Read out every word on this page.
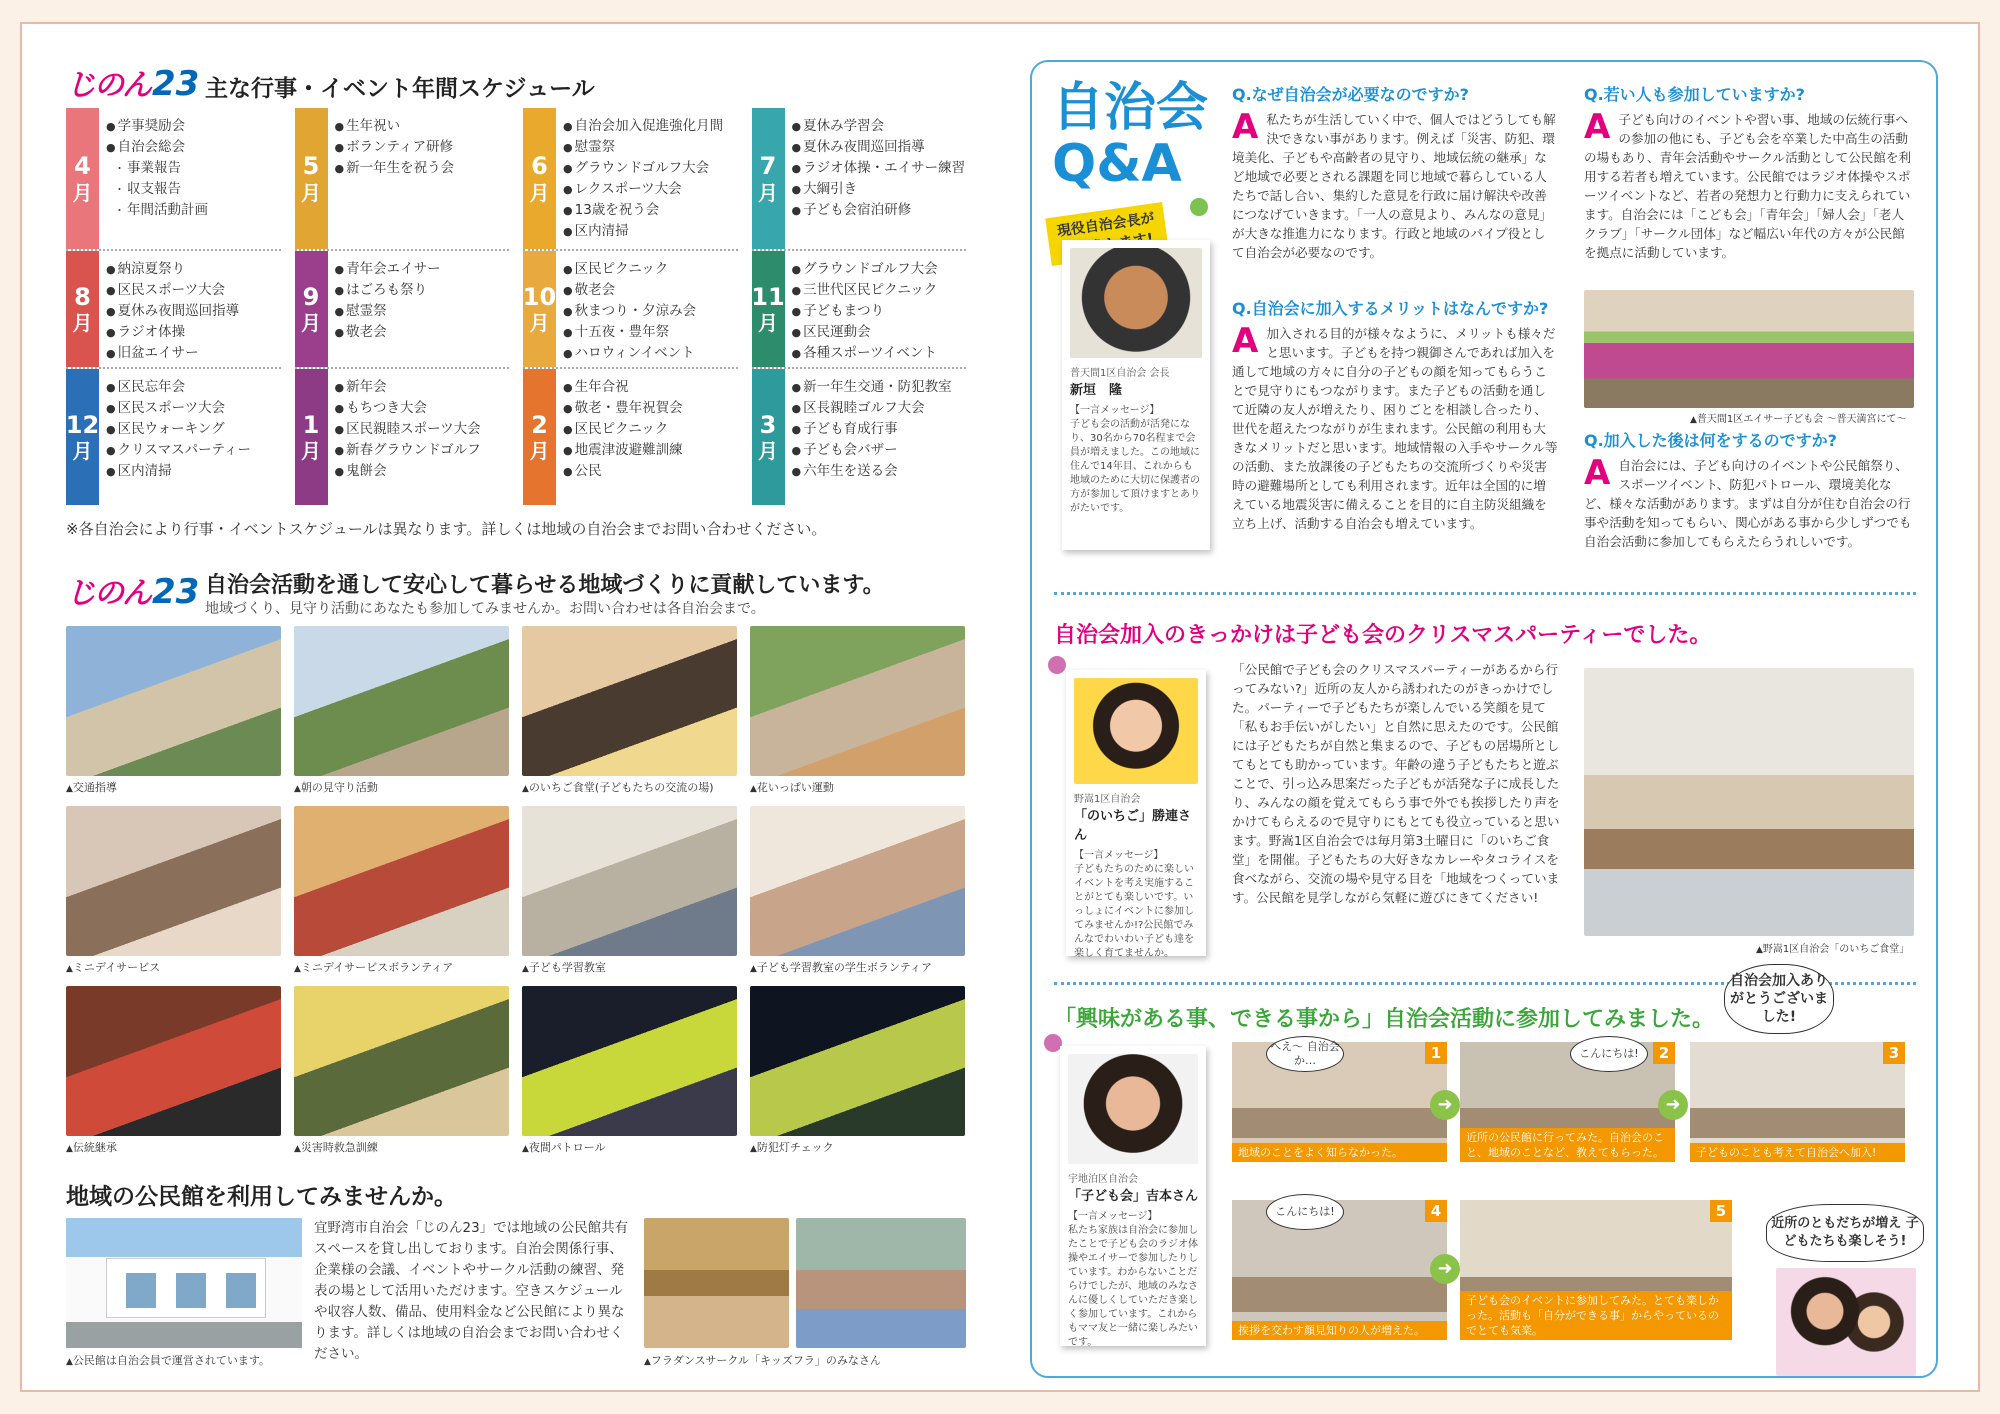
じのん 23 主な行事・イベント年間スケジュール
4
月
● 学事奨励会
● 自治会総会
・ 事業報告
・ 収支報告
・ 年間活動計画
5
月
● 生年祝い
● ボランティア研修
● 新一年生を祝う会	6
月
● 自治会加入促進強化月間
● 慰霊祭
● グラウンドゴルフ大会
● レクスポーツ大会
● 13歳を祝う会
● 区内清掃
7
月
● 夏休み学習会
● 夏休み夜間巡回指導
● ラジオ体操・エイサー練習
● 大綱引き
● 子ども会宿泊研修
8
月
● 納涼夏祭り
● 区民スポーツ大会
● 夏休み夜間巡回指導
● ラジオ体操
● 旧盆エイサー
9
月
● 青年会エイサー
● はごろも祭り
● 慰霊祭
● 敬老会
10
月
● 区民ピクニック
● 敬老会
● 秋まつり・夕涼み会
● 十五夜・豊年祭
● ハロウィンイベント
11
月
● グラウンドゴルフ大会
● 三世代区民ピクニック
● 子どもまつり
● 区民運動会
● 各種スポーツイベント
12
月
● 区民忘年会
● 区民スポーツ大会
● 区民ウォーキング
● クリスマスパーティー
● 区内清掃
1
月
● 新年会
● もちつき大会
● 区民親睦スポーツ大会
● 新春グラウンドゴルフ
● 鬼餅会
2
月
● 生年合祝
● 敬老・豊年祝賀会
● 区民ピクニック
● 地震津波避難訓練
● 公民
3
月
● 新一年生交通・防犯教室
● 区長親睦ゴルフ大会
● 子ども育成行事
● 子ども会バザー
● 六年生を送る会
※各自治会により行事・イベントスケジュールは異なります。詳しくは地域の自治会までお問い合わせください。
じのん 23 自治会活動を通して安心して暮らせる地域づくりに貢献しています。
地域づくり、見守り活動にあなたも参加してみませんか。お問い合わせは各自治会まで。
▲ 交通指導	▲ 朝の見守り活動	▲ のいちご食堂(子どもたちの交流の場)	▲ 花いっぱい運動
▲ ミニデイサービス	▲ ミニデイサービスボランティア	▲ 子ども学習教室	▲ 子ども学習教室の学生ボランティア
▲ 伝統継承	▲ 災害時救急訓練	▲ 夜間パトロール	▲ 防犯灯チェック
地域の公民館を利用してみませんか。
▲ 公民館は自治会員で運営されています。
宜野湾市自治会「じのん23」では地域の公民館共有スペースを貸し出しております。自治会関係行事、企業様の会議、イベントやサークル活動の練習、発表の場として活用いただけます。空きスケジュールや収容人数、備品、使用料金など公民館により異なります。詳しくは地域の自治会までお問い合わせください。	▲ フラダンスサークル「キッズフラ」のみなさん
自治会
Q&A
現役自治会長がお答えします!
普天間1区自治会 会長
新垣　隆
【一言メッセージ】
子ども会の活動が活発になり、30名から70名程まで会員が増えました。この地域に住んで14年目、これからも地域のために大切に保護者の方が参加して頂けますとありがたいです。
Q.なぜ自治会が必要なのですか?
A私たちが生活していく中で、個人ではどうしても解決できない事があります。例えば「災害、防犯、環境美化、子どもや高齢者の見守り、地域伝統の継承」など地域で必要とされる課題を同じ地域で暮らしている人たちで話し合い、集約した意見を行政に届け解決や改善につなげていきます。「一人の意見より、みんなの意見」が大きな推進力になります。行政と地域のパイプ役として自治会が必要なのです。
Q.自治会に加入するメリットはなんですか?
A加入される目的が様々なように、メリットも様々だと思います。子どもを持つ親御さんであれば加入を通して地域の方々に自分の子どもの顔を知ってもらうことで見守りにもつながります。また子どもの活動を通して近隣の友人が増えたり、困りごとを相談し合ったり、世代を超えたつながりが生まれます。公民館の利用も大きなメリットだと思います。地域情報の入手やサークル等の活動、また放課後の子どもたちの交流所づくりや災害時の避難場所としても利用されます。近年は全国的に増えている地震災害に備えることを目的に自主防災組織を立ち上げ、活動する自治会も増えています。
Q.若い人も参加していますか?
A子ども向けのイベントや習い事、地域の伝統行事への参加の他にも、子ども会を卒業した中高生の活動の場もあり、青年会活動やサークル活動として公民館を利用する若者も増えています。公民館ではラジオ体操やスポーツイベントなど、若者の発想力と行動力に支えられています。自治会には「こども会」「青年会」「婦人会」「老人クラブ」「サークル団体」など幅広い年代の方々が公民館を拠点に活動しています。
▲ 普天間1区エイサー子ども会 〜普天満宮にて〜
Q.加入した後は何をするのですか?
A自治会には、子ども向けのイベントや公民館祭り、スポーツイベント、防犯パトロール、環境美化など、様々な活動があります。まずは自分が住む自治会の行事や活動を知ってもらい、関心がある事から少しずつでも自治会活動に参加してもらえたらうれしいです。
自治会加入のきっかけは子ども会のクリスマスパーティーでした。
野嵩1区自治会
「のいちご」勝連さん
【一言メッセージ】
子どもたちのために楽しいイベントを考え実施することがとても楽しいです。いっしょにイベントに参加してみませんか!?公民館でみんなでわいわい子ども達を楽しく育てませんか。
「公民館で子ども会のクリスマスパーティーがあるから行ってみない?」近所の友人から誘われたのがきっかけでした。パーティーで子どもたちが楽しんでいる笑顔を見て「私もお手伝いがしたい」と自然に思えたのです。公民館には子どもたちが自然と集まるので、子どもの居場所としてもとても助かっています。年齢の違う子どもたちと遊ぶことで、引っ込み思案だった子どもが活発な子に成長したり、みんなの顔を覚えてもらう事で外でも挨拶したり声をかけてもらえるので見守りにもとても役立っていると思います。野嵩1区自治会では毎月第3土曜日に「のいちご食堂」を開催。子どもたちの大好きなカレーやタコライスを食べながら、交流の場や見守る目を「地域をつくっています。公民館を見学しながら気軽に遊びにきてください!
▲ 野嵩1区自治会「のいちご食堂」
「興味がある事、できる事から」自治会活動に参加してみました。
自治会加入ありがとうございました!
宇地泊区自治会
「子ども会」吉本さん
【一言メッセージ】
私たち家族は自治会に参加したことで子ども会のラジオ体操やエイサーで参加したりしています。わからないことだらけでしたが、地域のみなさんに優しくしていただき楽しく参加しています。これからもママ友と一緒に楽しみたいです。
1
地域のことをよく知らなかった。
へえ〜 自治会か…	2
近所の公民館に行ってみた。自治会のこと、地域のことなど、教えてもらった。
こんにちは!	3
子どものことも考えて自治会へ加入!
4
挨拶を交わす顔見知りの人が増えた。
こんにちは!	5
子ども会のイベントに参加してみた。とても楽しかった。活動も「自分ができる事」からやっているのでとても気楽。
➜	➜
➜
近所のともだちが増え 子どもたちも楽しそう!
